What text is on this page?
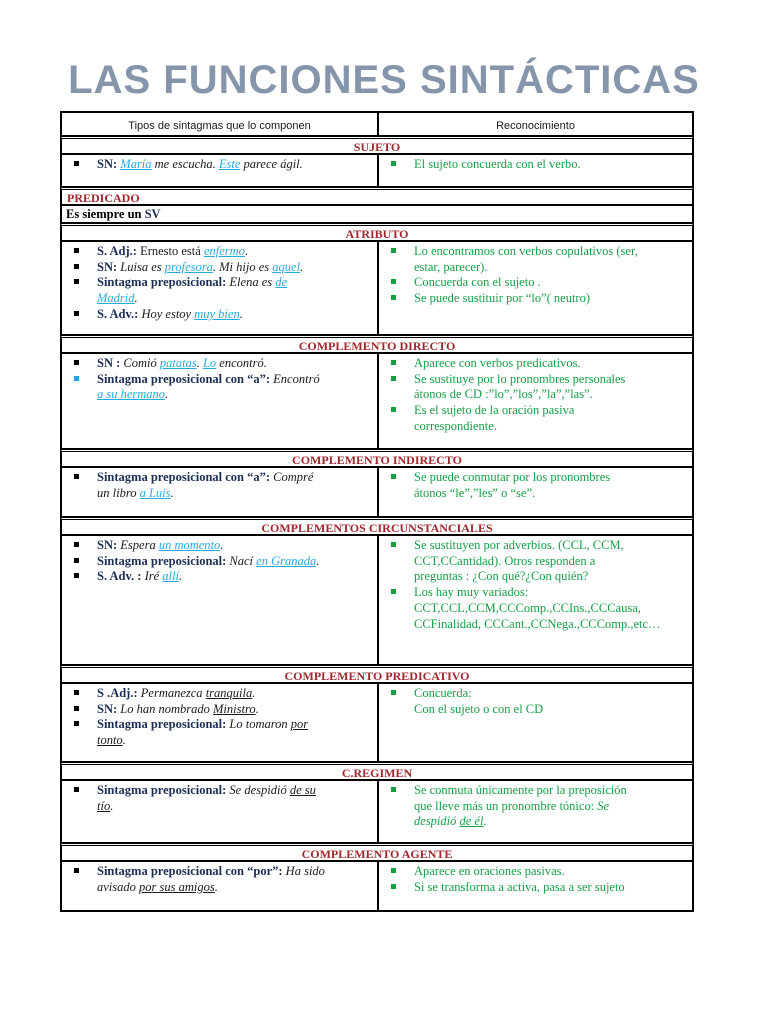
LAS FUNCIONES SINTÁCTICAS
Tipos de sintagmas que lo componen	Reconocimiento
SUJETO
SN: María me escucha. Este parece ágil.	El sujeto concuerda con el verbo.
PREDICADO
Es siempre un SV
ATRIBUTO
S. Adj.: Ernesto está enfermo.
SN: Luisa es profesora. Mi hijo es aquel.
Sintagma preposicional: Elena es de
Madrid.
S. Adv.: Hoy estoy muy bien.
Lo encontramos con verbos copulativos (ser,
estar, parecer).
Concuerda con el sujeto .
Se puede sustituir por “lo”( neutro)
COMPLEMENTO DIRECTO
SN : Comió patatas. Lo encontró.
Sintagma preposicional con “a”: Encontró
a su hermano.
Aparece con verbos predicativos.
Se sustituye por lo pronombres personales
átonos de CD :”lo”,”los”,”la”,”las”.
Es el sujeto de la oración pasiva
correspondiente.
COMPLEMENTO INDIRECTO
Sintagma preposicional con “a”: Compré
un libro a Luis.
Se puede conmutar por los pronombres
átonos “le”,”les” o “se”.
COMPLEMENTOS CIRCUNSTANCIALES
SN: Espera un momento.
Sintagma preposicional: Nací en Granada.
S. Adv. : Iré allí.
Se sustituyen por adverbios. (CCL, CCM,
CCT,CCantidad). Otros responden a
preguntas : ¿Con qué?¿Con quién?
Los hay muy variados:
CCT,CCL,CCM,CCComp.,CCIns.,CCCausa,
CCFinalidad, CCCant.,CCNega.,CCComp.,etc…
COMPLEMENTO PREDICATIVO
S .Adj.: Permanezca tranquila.
SN: Lo han nombrado Ministro.
Sintagma preposicional: Lo tomaron por
tonto.
Concuerda:
Con el sujeto o con el CD
C.REGIMEN
Sintagma preposicional: Se despidió de su
tío.
Se conmuta únicamente por la preposición
que lleve más un pronombre tónico: Se
despidió de él.
COMPLEMENTO AGENTE
Sintagma preposicional con “por”: Ha sido
avisado por sus amigos.
Aparece en oraciones pasivas.
Si se transforma a activa, pasa a ser sujeto
